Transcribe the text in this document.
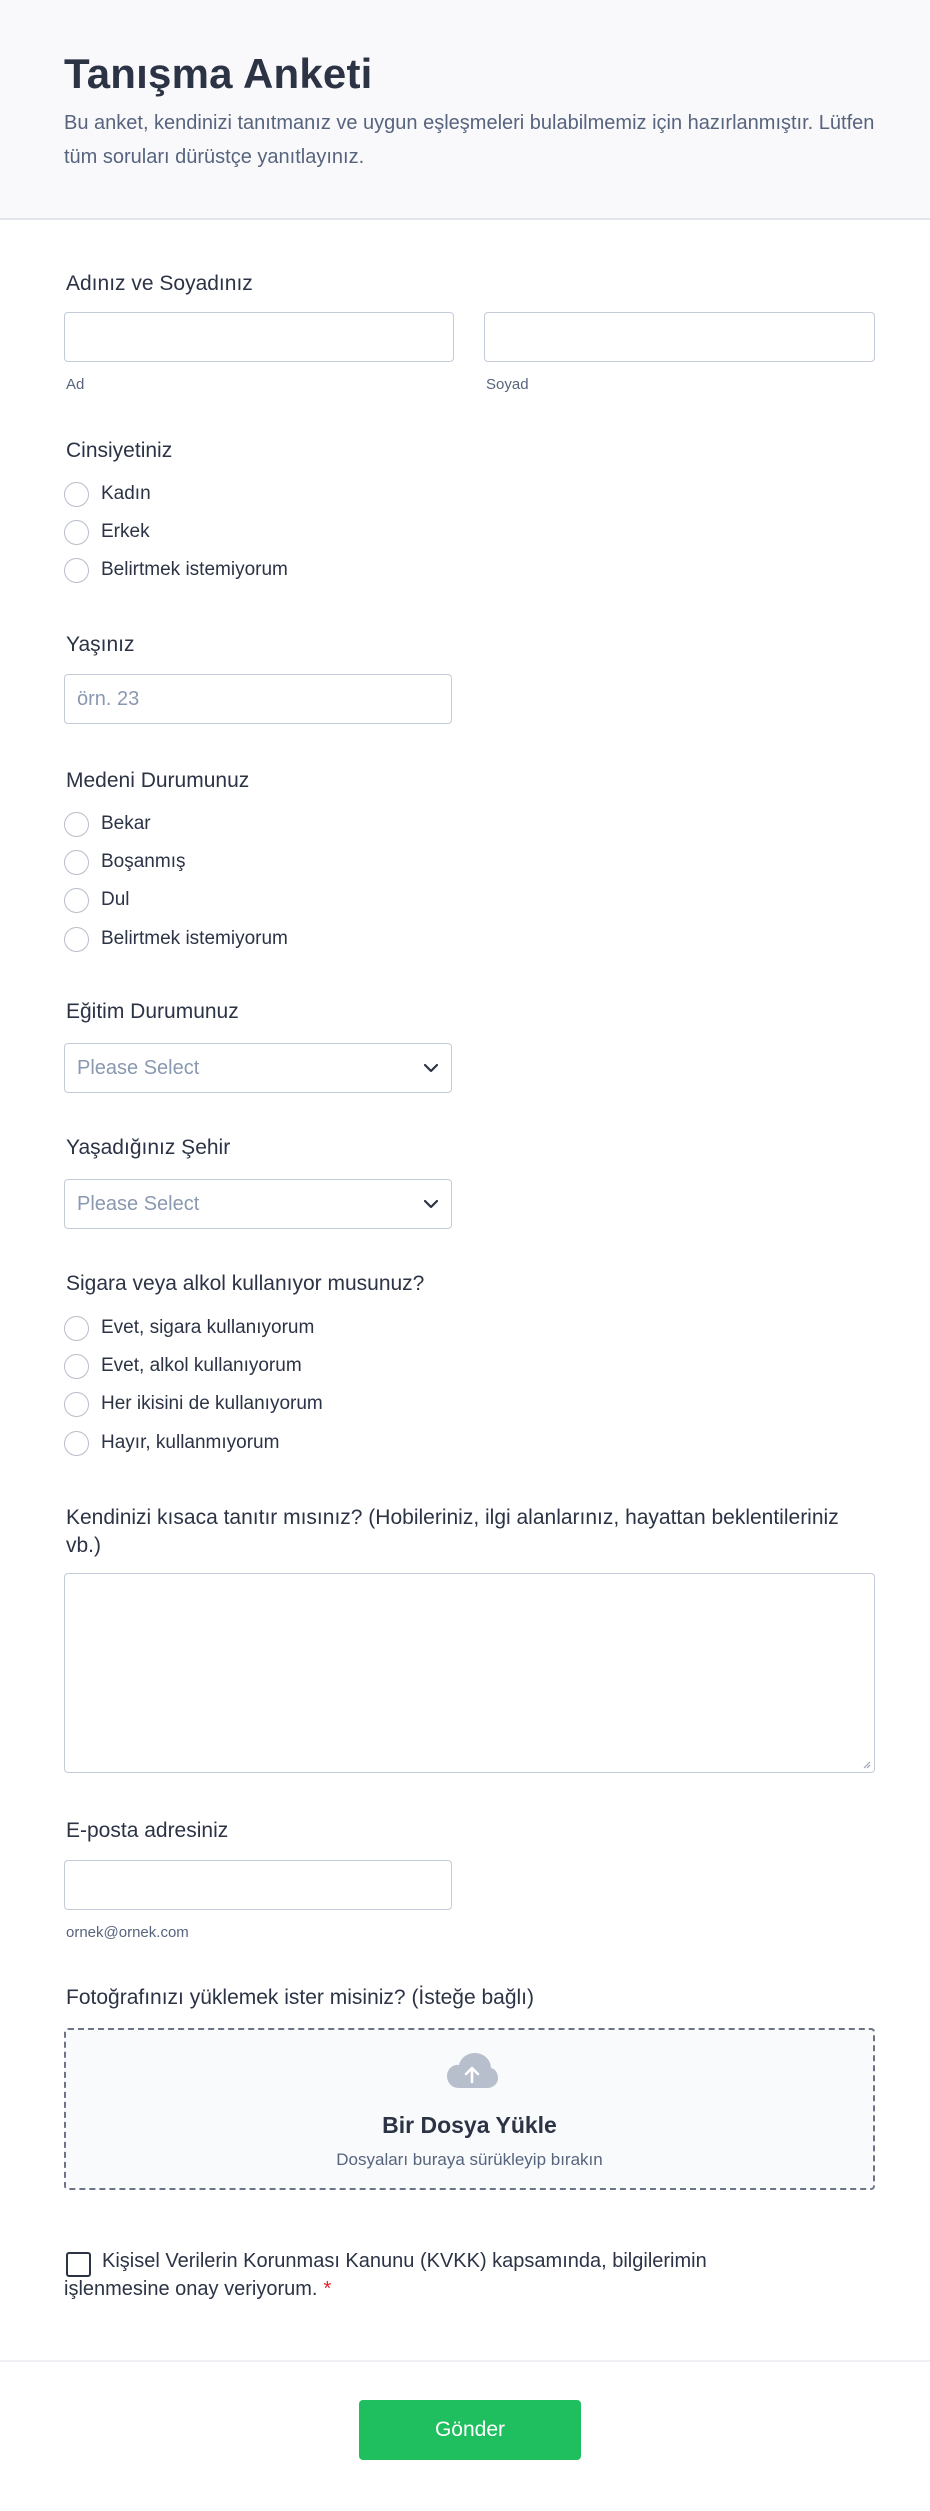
Tanışma Anketi

Bu anket, kendinizi tanıtmanız ve uygun eşleşmeleri bulabilmemiz için hazırlanmıştır. Lütfen tüm soruları dürüstçe yanıtlayınız.

Adınız ve Soyadınız
Ad	Soyad
Cinsiyetiniz
Kadın
Erkek
Belirtmek istemiyorum
Yaşınız
örn. 23
Medeni Durumunuz
Bekar
Boşanmış
Dul
Belirtmek istemiyorum
Eğitim Durumunuz
Please Select
Yaşadığınız Şehir
Please Select
Sigara veya alkol kullanıyor musunuz?
Evet, sigara kullanıyorum
Evet, alkol kullanıyorum
Her ikisini de kullanıyorum
Hayır, kullanmıyorum
Kendinizi kısaca tanıtır mısınız? (Hobileriniz, ilgi alanlarınız, hayattan beklentileriniz vb.)
E-posta adresiniz
ornek@ornek.com
Fotoğrafınızı yüklemek ister misiniz? (İsteğe bağlı)
Bir Dosya Yükle
Dosyaları buraya sürükleyip bırakın
Kişisel Verilerin Korunması Kanunu (KVKK) kapsamında, bilgilerimin işlenmesine onay veriyorum. *
Gönder
